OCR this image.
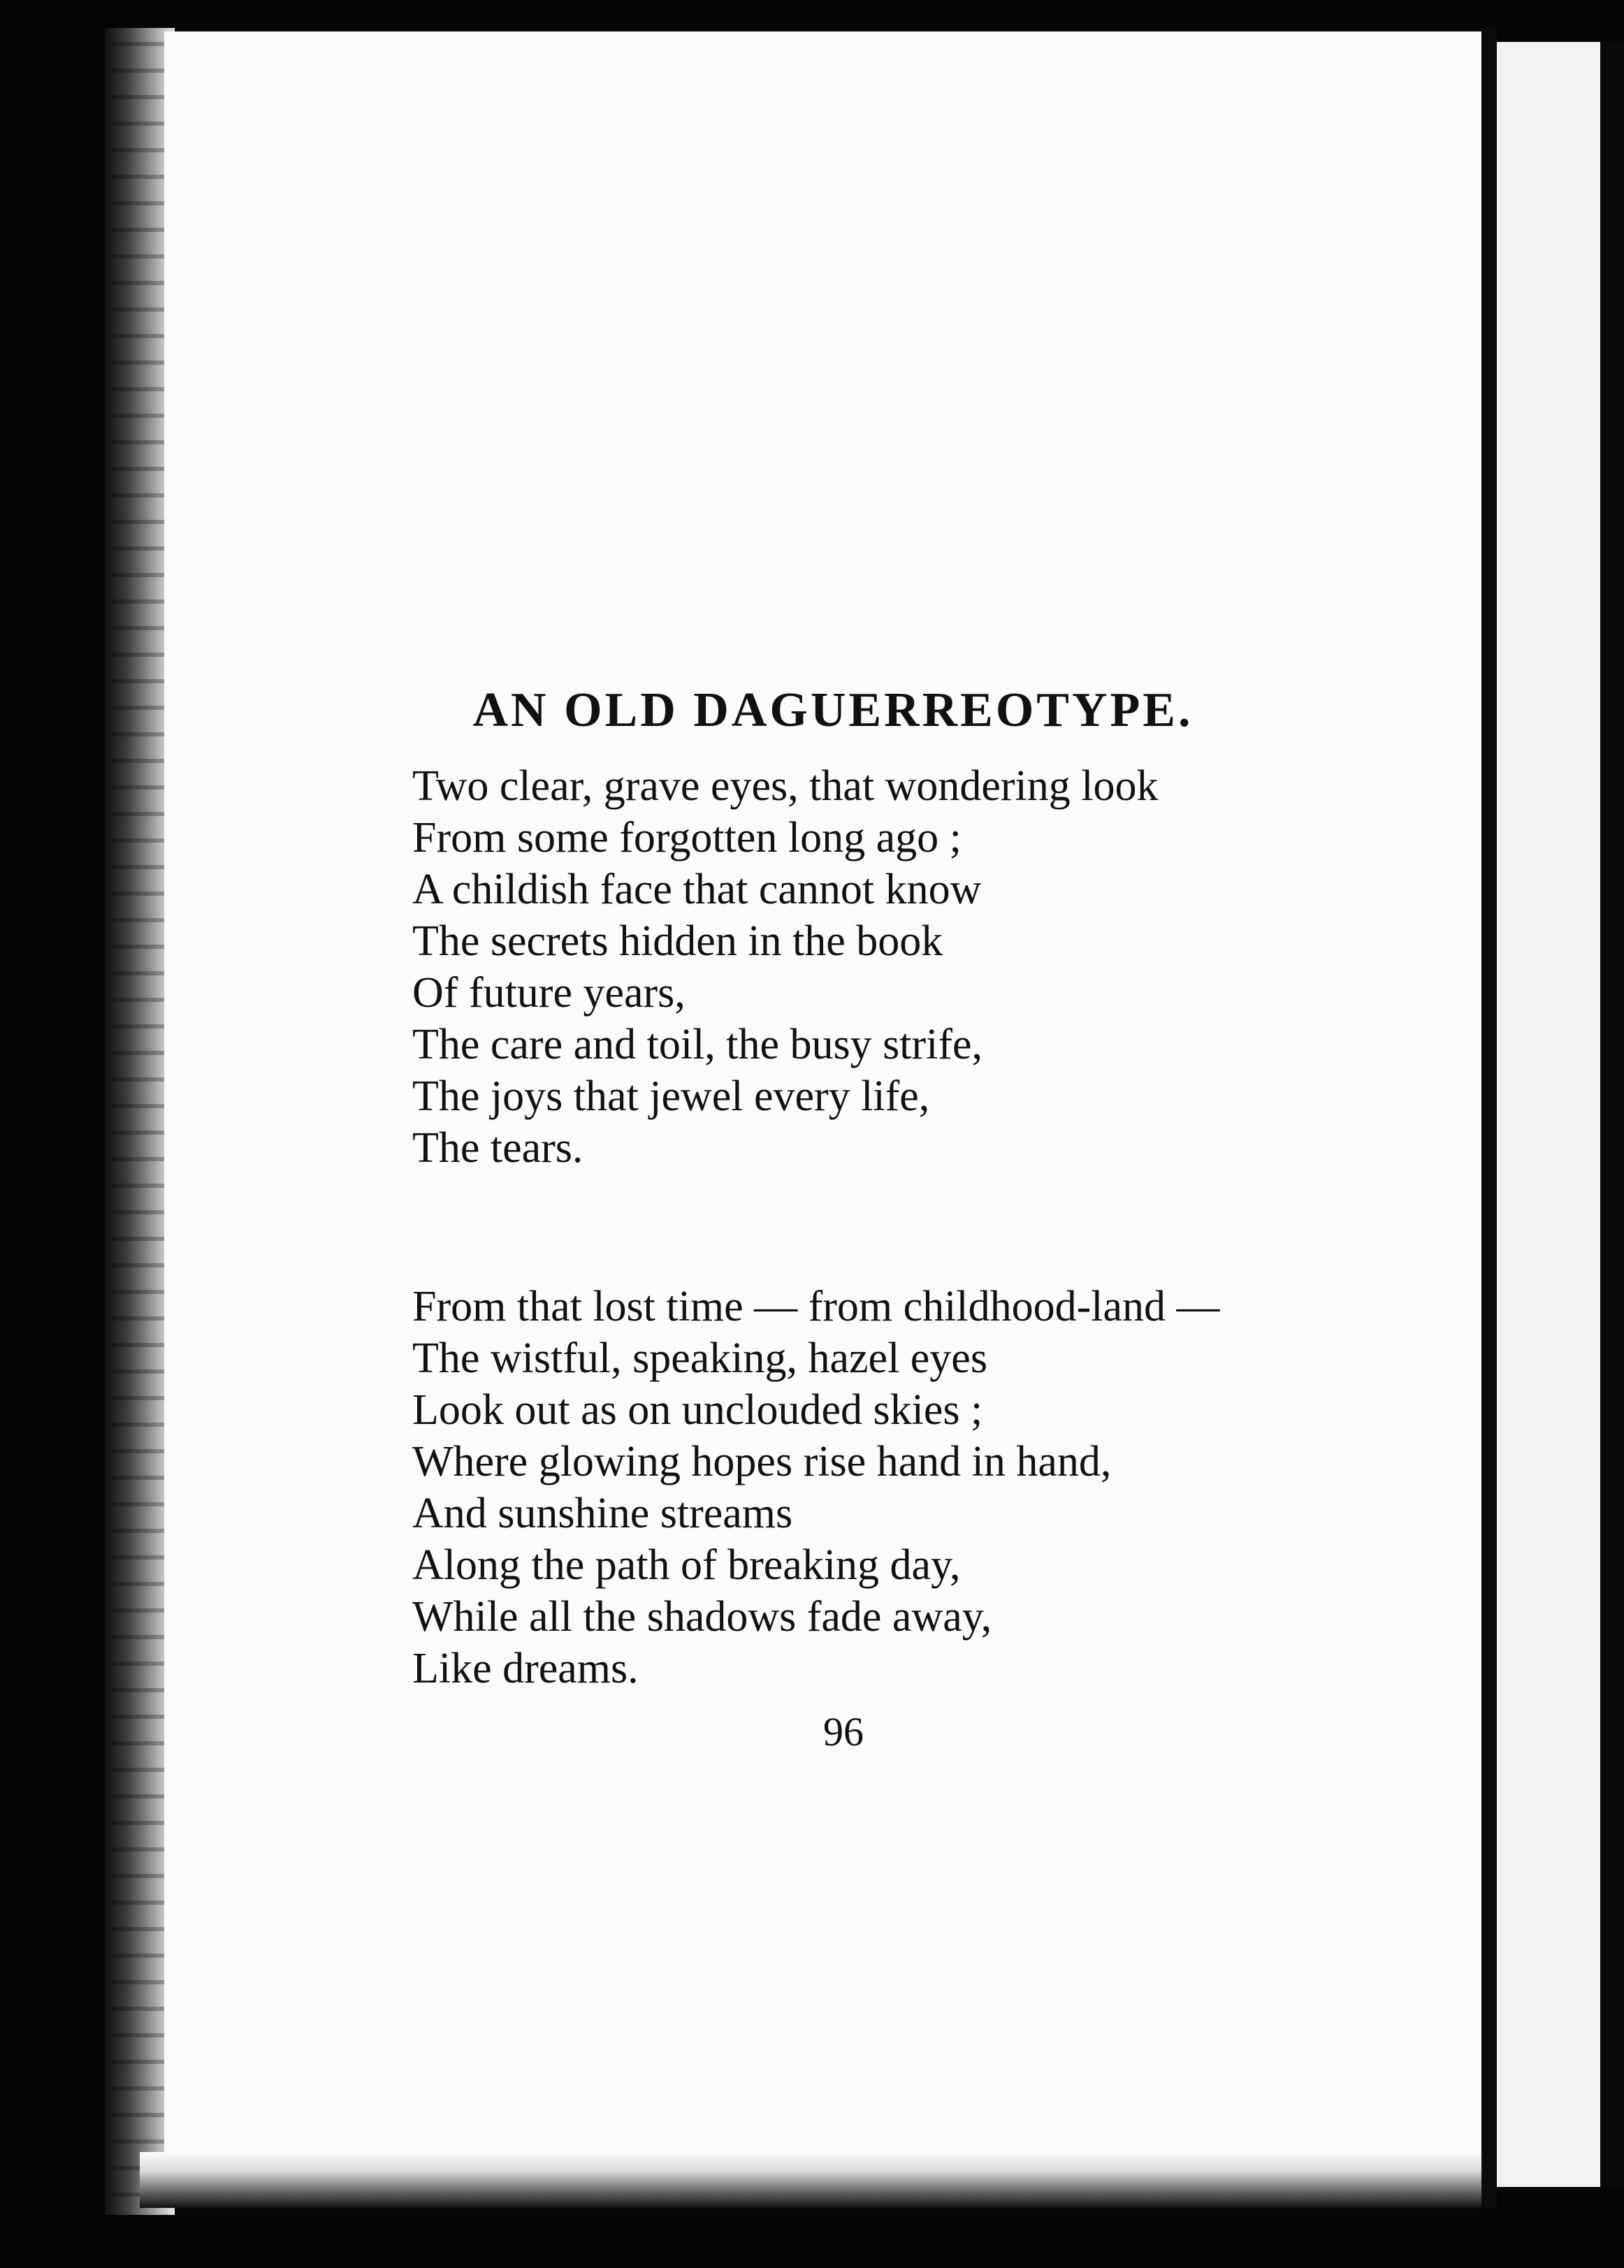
AN OLD DAGUERREOTYPE.
Two clear, grave eyes, that wondering look
From some forgotten long ago ;
A childish face that cannot know
The secrets hidden in the book
Of future years,
The care and toil, the busy strife,
The joys that jewel every life,
The tears.
From that lost time — from childhood-land —
The wistful, speaking, hazel eyes
Look out as on unclouded skies ;
Where glowing hopes rise hand in hand,
And sunshine streams
Along the path of breaking day,
While all the shadows fade away,
Like dreams.
96
